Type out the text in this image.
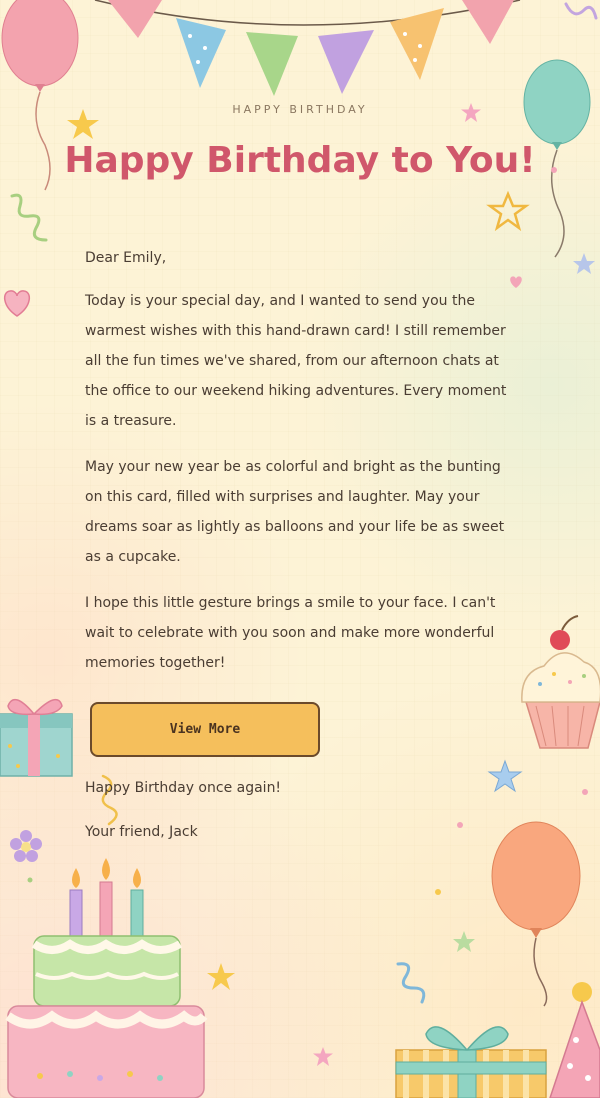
HAPPY BIRTHDAY
Happy Birthday to You!

Dear Emily,

Today is your special day, and I wanted to send you the warmest wishes with this hand-drawn card! I still remember all the fun times we've shared, from our afternoon chats at the office to our weekend hiking adventures. Every moment is a treasure.

May your new year be as colorful and bright as the bunting on this card, filled with surprises and laughter. May your dreams soar as lightly as balloons and your life be as sweet as a cupcake.

I hope this little gesture brings a smile to your face. I can't wait to celebrate with you soon and make more wonderful memories together!

View More

Happy Birthday once again!

Your friend, Jack
